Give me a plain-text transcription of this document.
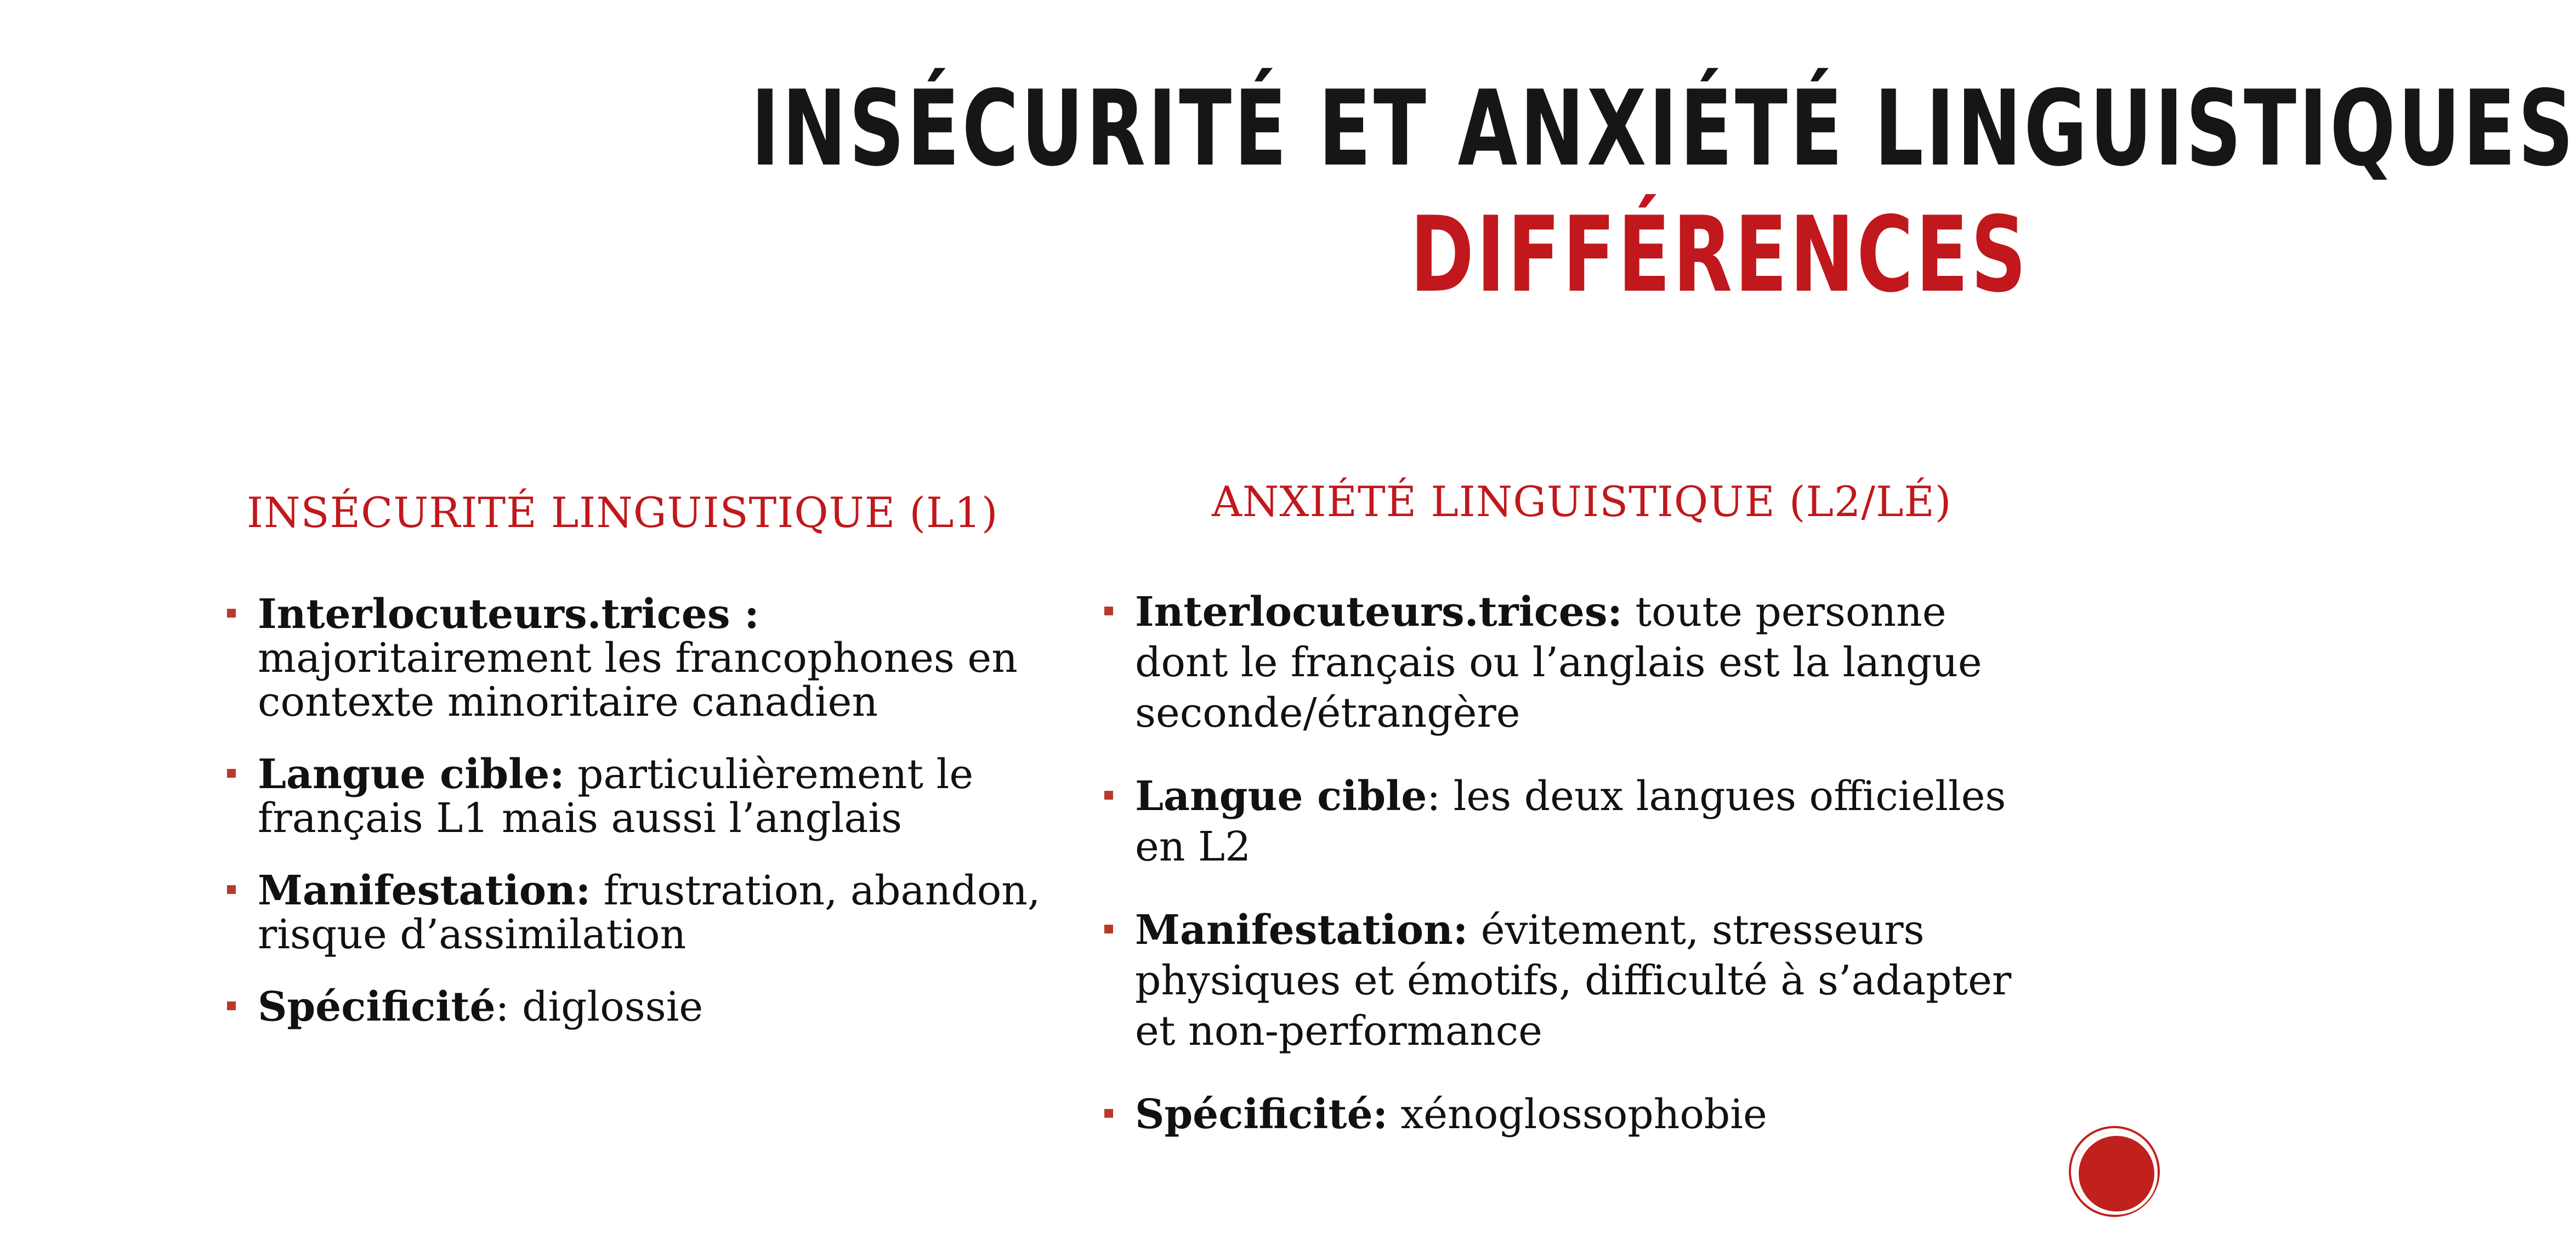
INSÉCURITÉ ET ANXIÉTÉ LINGUISTIQUES
DIFFÉRENCES
INSÉCURITÉ LINGUISTIQUE (L1)
Interlocuteurs.trices : majoritairement les francophones en contexte minoritaire canadien
Langue cible: particulièrement le français L1 mais aussi l’anglais
Manifestation: frustration, abandon, risque d’assimilation
Spécificité: diglossie
ANXIÉTÉ LINGUISTIQUE (L2/LÉ)
Interlocuteurs.trices: toute personne dont le français ou l’anglais est la langue seconde/étrangère
Langue cible: les deux langues officielles en L2
Manifestation: évitement, stresseurs physiques et émotifs, difficulté à s’adapter et non-performance
Spécificité: xénoglossophobie
